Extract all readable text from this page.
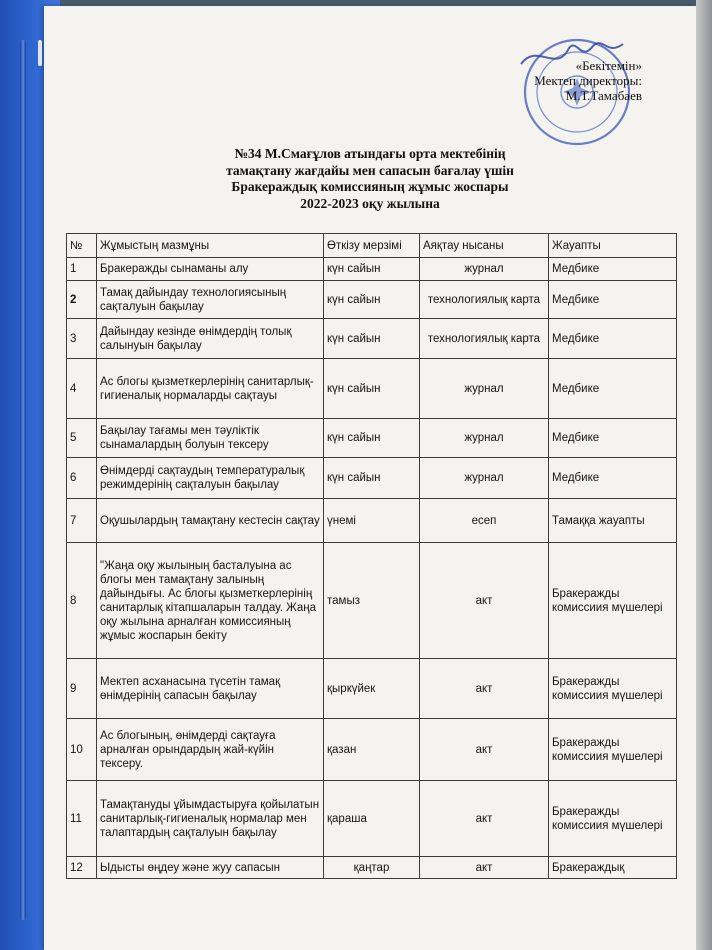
«Бекітемін»
Мектеп директоры:
М.Т.Тамабаев
№34 М.Смағұлов атындағы орта мектебінің
тамақтану жағдайы мен сапасын бағалау үшін
Бракераждық комиссияның жұмыс жоспары
2022-2023 оқу жылына
№	Жұмыстың мазмұны	Өткізу мерзімі	Аяқтау нысаны	Жауапты
1	Бракеражды сынаманы алу	күн сайын	журнал	Медбике
2	Тамақ дайындау технологиясының сақталуын бақылау	күн сайын	технологиялық карта	Медбике
3	Дайындау кезінде өнімдердің толық салынуын бақылау	күн сайын	технологиялық карта	Медбике
4	Ас блогы қызметкерлерінің санитарлық-гигиеналық нормаларды сақтауы	күн сайын	журнал	Медбике
5	Бақылау тағамы мен тәуліктік сынамалардың болуын тексеру	күн сайын	журнал	Медбике
6	Өнімдерді сақтаудың температуралық режимдерінің сақталуын бақылау	күн сайын	журнал	Медбике
7	Оқушылардың тамақтану кестесін сақтау	үнемі	есеп	Тамаққа жауапты
8	"Жаңа оқу жылының басталуына ас блогы мен тамақтану залының дайындығы. Ас блогы қызметкерлерінің санитарлық кітапшаларын талдау. Жаңа оқу жылына арналған комиссияның жұмыс жоспарын бекіту	тамыз	акт	Бракеражды комиссиия мүшелері
9	Мектеп асханасына түсетін тамақ өнімдерінің сапасын бақылау	қыркүйек	акт	Бракеражды комиссиия мүшелері
10	Ас блогының, өнімдерді сақтауға арналған орындардың жай-күйін тексеру.	қазан	акт	Бракеражды комиссиия мүшелері
11	Тамақтануды ұйымдастыруға қойылатын санитарлық-гигиеналық нормалар мен талаптардың сақталуын бақылау	қараша	акт	Бракеражды комиссиия мүшелері
12	Ыдысты өңдеу және жуу сапасын	қаңтар	акт	Бракераждық
